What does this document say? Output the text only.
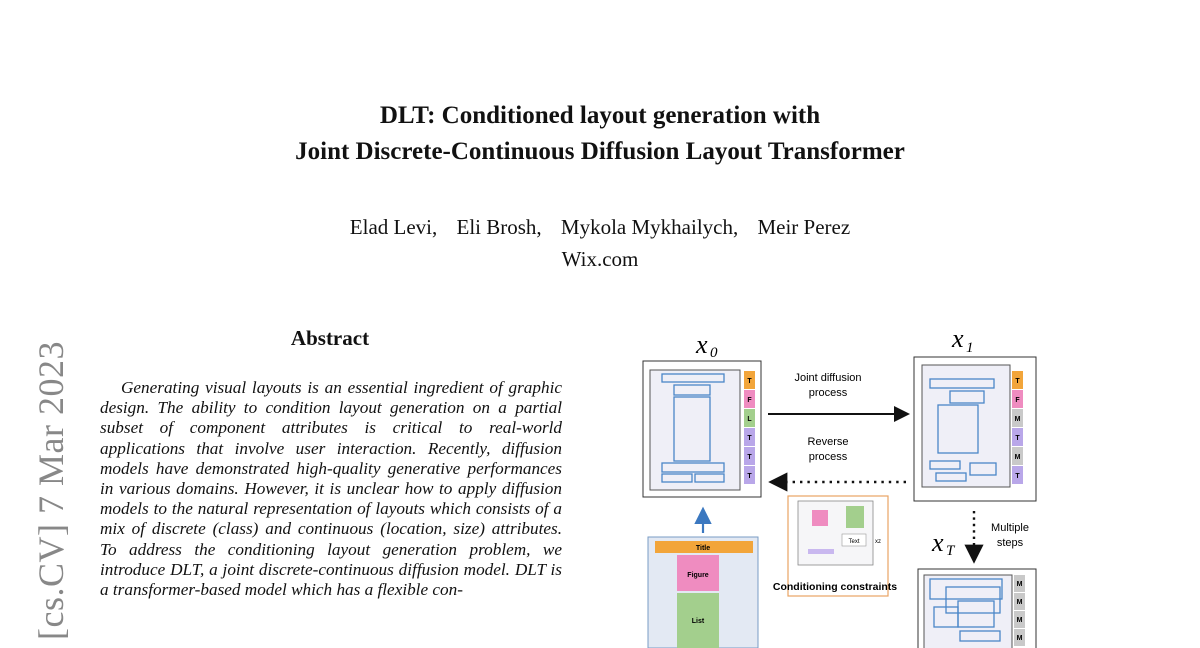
DLT: Conditioned layout generation with
Joint Discrete-Continuous Diffusion Layout Transformer
Elad Levi, Eli Brosh, Mykola Mykhailych, Meir Perez
Wix.com
[cs.CV] 7 Mar 2023
Abstract

Generating visual layouts is an essential ingredient of graphic design. The ability to condition layout generation on a partial subset of component attributes is critical to real-world applications that involve user interaction. Recently, diffusion models have demonstrated high-quality generative performances in various domains. However, it is unclear how to apply diffusion models to the natural representation of layouts which consists of a mix of discrete (class) and continuous (location, size) attributes. To address the conditioning layout generation problem, we introduce DLT, a joint discrete-continuous diffusion model. DLT is a transformer-based model which has a flexible con-

x 0
T
F
L
T
T
T
Joint diffusion
process
Reverse
process
x 1
T
F
M
T
M
T
Multiple
steps
x T
M
M
M
M
Text	xz
Conditioning constraints
Title
Figure
List
